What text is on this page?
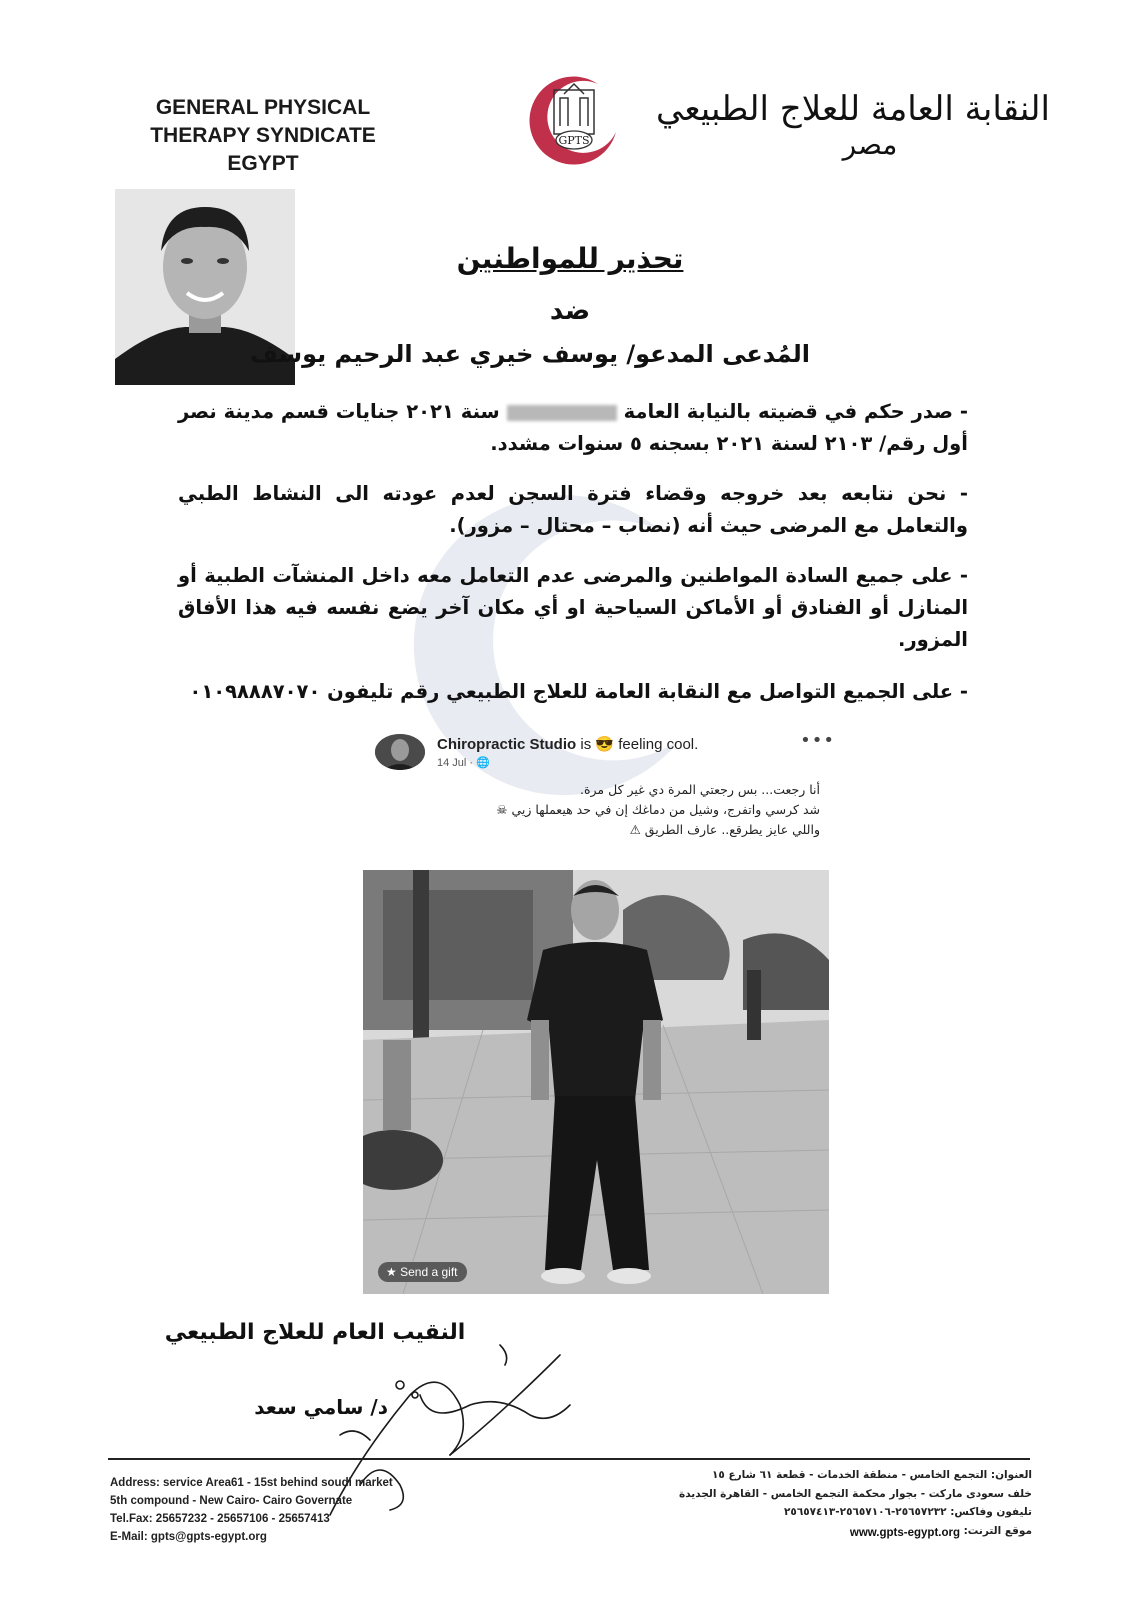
GENERAL PHYSICAL
THERAPY SYNDICATE
EGYPT
GPTS
النقابة العامة للعلاج الطبيعي
مصر
تحذير للمواطنين
ضد
المُدعى المدعو/ يوسف خيري عبد الرحيم يوسف
- صدر حكم في قضيته بالنيابة العامة  سنة ٢٠٢١ جنايات قسم مدينة نصر أول رقم/ ٢١٠٣ لسنة ٢٠٢١ بسجنه ٥ سنوات مشدد.
- نحن نتابعه بعد خروجه وقضاء فترة السجن لعدم عودته الى النشاط الطبي والتعامل مع المرضى حيث أنه (نصاب – محتال – مزور).
- على جميع السادة المواطنين والمرضى عدم التعامل معه داخل المنشآت الطبية أو المنازل أو الفنادق أو الأماكن السياحية او أي مكان آخر يضع نفسه فيه هذا الأفاق المزور.
- على الجميع التواصل مع النقابة العامة للعلاج الطبيعي رقم تليفون ٠١٠٩٨٨٨٧٠٧٠
Chiropractic Studio is 😎 feeling cool.
14 Jul · 🌐
•••
أنا رجعت... بس رجعتي المرة دي غير كل مرة.
شد كرسي واتفرج، وشيل من دماغك إن في حد هيعملها زيي ☠
واللي عايز يطرقع.. عارف الطريق ⚠
★ Send a gift
النقيب العام للعلاج الطبيعي
د/ سامي سعد
Address: service Area61 - 15st behind soudi market
5th compound - New Cairo- Cairo Governate
Tel.Fax: 25657232 - 25657106 - 25657413
E-Mail: gpts@gpts-egypt.org
العنوان: التجمع الخامس - منطقة الخدمات - قطعة ٦١ شارع ١٥
خلف سعودى ماركت - بجوار محكمة التجمع الخامس - القاهرة الجديدة
تليفون وفاكس: ٢٥٦٥٧٢٣٢-٢٥٦٥٧١٠٦-٢٥٦٥٧٤١٣
موقع الترنت:
www.gpts-egypt.org
